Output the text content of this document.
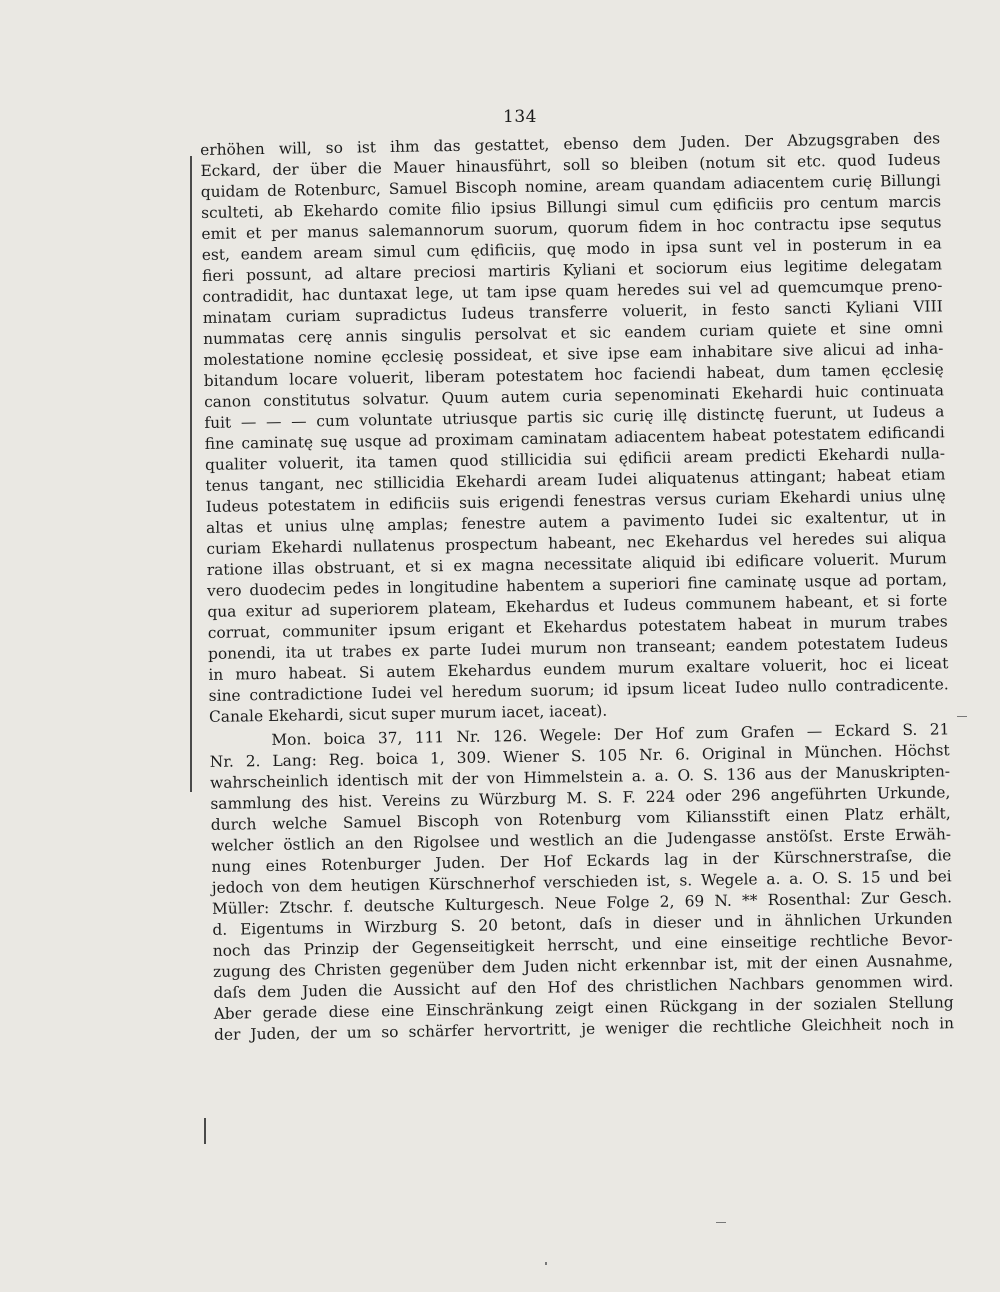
134
erhöhen will, so ist ihm das gestattet, ebenso dem Juden. Der Abzugsgraben des
Eckard, der über die Mauer hinausführt, soll so bleiben (notum sit etc. quod Iudeus
quidam de Rotenburc, Samuel Biscoph nomine, aream quandam adiacentem curię Billungi
sculteti, ab Ekehardo comite filio ipsius Billungi simul cum ędificiis pro centum marcis
emit et per manus salemannorum suorum, quorum fidem in hoc contractu ipse sequtus
est, eandem aream simul cum ędificiis, quę modo in ipsa sunt vel in posterum in ea
fieri possunt, ad altare preciosi martiris Kyliani et sociorum eius legitime delegatam
contradidit, hac duntaxat lege, ut tam ipse quam heredes sui vel ad quemcumque preno-
minatam curiam supradictus Iudeus transferre voluerit, in festo sancti Kyliani VIII
nummatas cerę annis singulis persolvat et sic eandem curiam quiete et sine omni
molestatione nomine ęcclesię possideat, et sive ipse eam inhabitare sive alicui ad inha-
bitandum locare voluerit, liberam potestatem hoc faciendi habeat, dum tamen ęcclesię
canon constitutus solvatur. Quum autem curia sepenominati Ekehardi huic continuata
fuit — — — cum voluntate utriusque partis sic curię illę distinctę fuerunt, ut Iudeus a
fine caminatę suę usque ad proximam caminatam adiacentem habeat potestatem edificandi
qualiter voluerit, ita tamen quod stillicidia sui ędificii aream predicti Ekehardi nulla-
tenus tangant, nec stillicidia Ekehardi aream Iudei aliquatenus attingant; habeat etiam
Iudeus potestatem in edificiis suis erigendi fenestras versus curiam Ekehardi unius ulnę
altas et unius ulnę amplas; fenestre autem a pavimento Iudei sic exaltentur, ut in
curiam Ekehardi nullatenus prospectum habeant, nec Ekehardus vel heredes sui aliqua
ratione illas obstruant, et si ex magna necessitate aliquid ibi edificare voluerit. Murum
vero duodecim pedes in longitudine habentem a superiori fine caminatę usque ad portam,
qua exitur ad superiorem plateam, Ekehardus et Iudeus communem habeant, et si forte
corruat, communiter ipsum erigant et Ekehardus potestatem habeat in murum trabes
ponendi, ita ut trabes ex parte Iudei murum non transeant; eandem potestatem Iudeus
in muro habeat. Si autem Ekehardus eundem murum exaltare voluerit, hoc ei liceat
sine contradictione Iudei vel heredum suorum; id ipsum liceat Iudeo nullo contradicente.
Canale Ekehardi, sicut super murum iacet, iaceat).
Mon. boica 37, 111 Nr. 126. Wegele: Der Hof zum Grafen — Eckard S. 21
Nr. 2. Lang: Reg. boica 1, 309. Wiener S. 105 Nr. 6. Original in München. Höchst
wahrscheinlich identisch mit der von Himmelstein a. a. O. S. 136 aus der Manuskripten-
sammlung des hist. Vereins zu Würzburg M. S. F. 224 oder 296 angeführten Urkunde,
durch welche Samuel Biscoph von Rotenburg vom Kiliansstift einen Platz erhält,
welcher östlich an den Rigolsee und westlich an die Judengasse anstöſst. Erste Erwäh-
nung eines Rotenburger Juden. Der Hof Eckards lag in der Kürschnerstraſse, die
jedoch von dem heutigen Kürschnerhof verschieden ist, s. Wegele a. a. O. S. 15 und bei
Müller: Ztschr. f. deutsche Kulturgesch. Neue Folge 2, 69 N. ** Rosenthal: Zur Gesch.
d. Eigentums in Wirzburg S. 20 betont, daſs in dieser und in ähnlichen Urkunden
noch das Prinzip der Gegenseitigkeit herrscht, und eine einseitige rechtliche Bevor-
zugung des Christen gegenüber dem Juden nicht erkennbar ist, mit der einen Ausnahme,
daſs dem Juden die Aussicht auf den Hof des christlichen Nachbars genommen wird.
Aber gerade diese eine Einschränkung zeigt einen Rückgang in der sozialen Stellung
der Juden, der um so schärfer hervortritt, je weniger die rechtliche Gleichheit noch in
